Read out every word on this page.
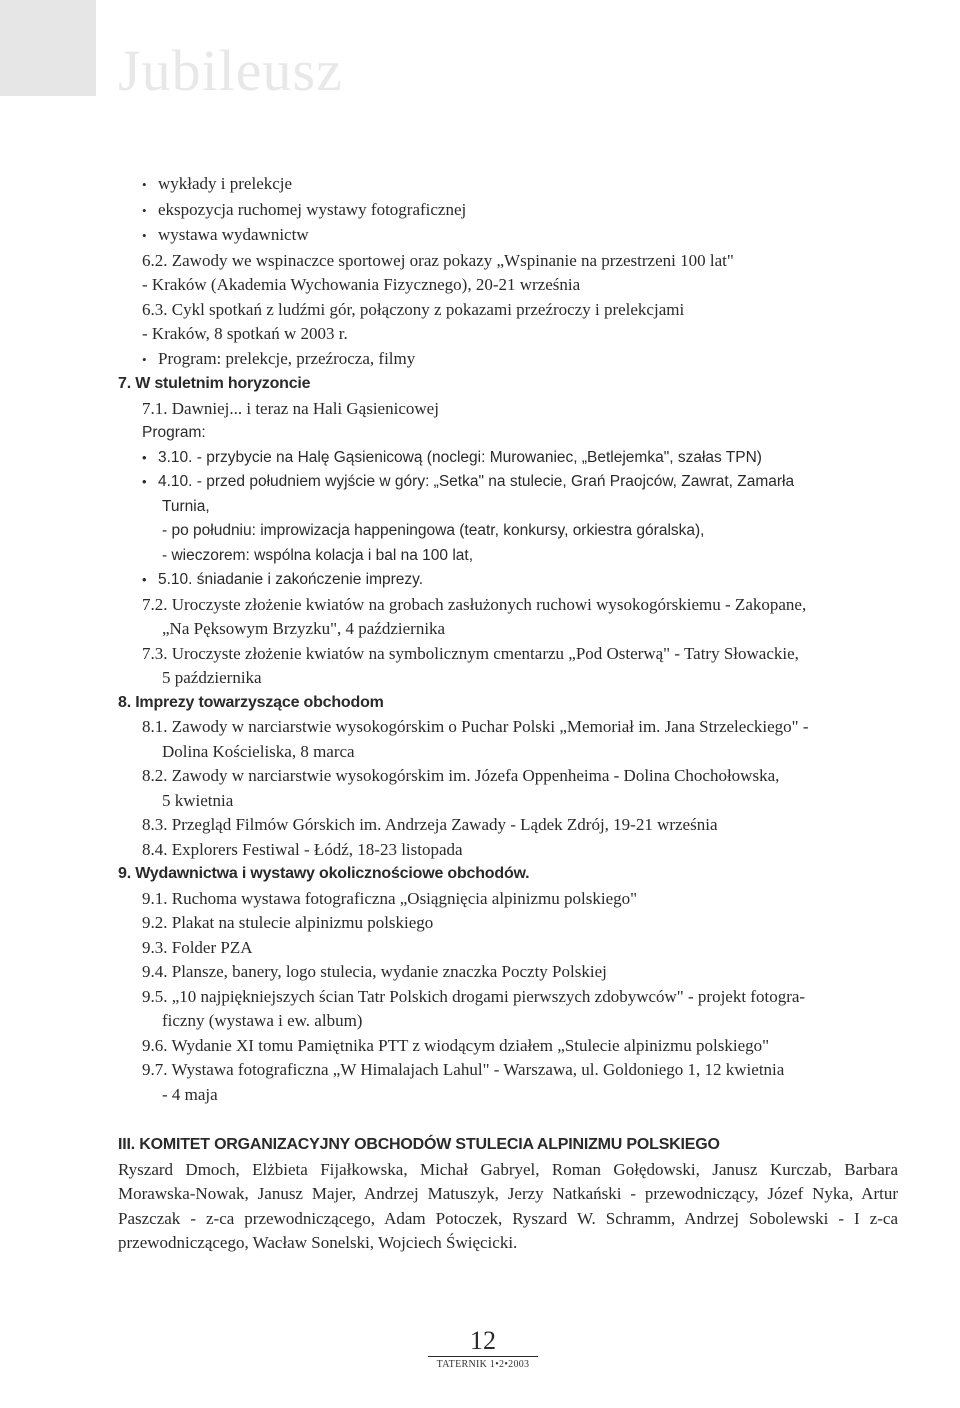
Jubileusz
• wykłady i prelekcje
• ekspozycja ruchomej wystawy fotograficznej
• wystawa wydawnictw
6.2. Zawody we wspinaczce sportowej oraz pokazy „Wspinanie na przestrzeni 100 lat"
- Kraków (Akademia Wychowania Fizycznego), 20-21 września
6.3. Cykl spotkań z ludźmi gór, połączony z pokazami przeźroczy i prelekcjami
- Kraków, 8 spotkań w 2003 r.
• Program: prelekcje, przeźrocza, filmy
7. W stuletnim horyzoncie
7.1. Dawniej... i teraz na Hali Gąsienicowej
Program:
• 3.10. - przybycie na Halę Gąsienicową (noclegi: Murowaniec, „Betlejemka", szałas TPN)
• 4.10. - przed południem wyjście w góry: „Setka" na stulecie, Grań Praojców, Zawrat, Zamarła
Turnia,
- po południu: improwizacja happeningowa (teatr, konkursy, orkiestra góralska),
- wieczorem: wspólna kolacja i bal na 100 lat,
• 5.10. śniadanie i zakończenie imprezy.
7.2. Uroczyste złożenie kwiatów na grobach zasłużonych ruchowi wysokogórskiemu - Zakopane,
„Na Pęksowym Brzyzku", 4 października
7.3. Uroczyste złożenie kwiatów na symbolicznym cmentarzu „Pod Osterwą" - Tatry Słowackie,
5 października
8. Imprezy towarzyszące obchodom
8.1. Zawody w narciarstwie wysokogórskim o Puchar Polski „Memoriał im. Jana Strzeleckiego" -
Dolina Kościeliska, 8 marca
8.2. Zawody w narciarstwie wysokogórskim im. Józefa Oppenheima - Dolina Chochołowska,
5 kwietnia
8.3. Przegląd Filmów Górskich im. Andrzeja Zawady - Lądek Zdrój, 19-21 września
8.4. Explorers Festiwal - Łódź, 18-23 listopada
9. Wydawnictwa i wystawy okolicznościowe obchodów.
9.1. Ruchoma wystawa fotograficzna „Osiągnięcia alpinizmu polskiego"
9.2. Plakat na stulecie alpinizmu polskiego
9.3. Folder PZA
9.4. Plansze, banery, logo stulecia, wydanie znaczka Poczty Polskiej
9.5. „10 najpiękniejszych ścian Tatr Polskich drogami pierwszych zdobywców" - projekt fotogra-
ficzny (wystawa i ew. album)
9.6. Wydanie XI tomu Pamiętnika PTT z wiodącym działem „Stulecie alpinizmu polskiego"
9.7. Wystawa fotograficzna „W Himalajach Lahul" - Warszawa, ul. Goldoniego 1, 12 kwietnia
- 4 maja
III. KOMITET ORGANIZACYJNY OBCHODÓW STULECIA ALPINIZMU POLSKIEGO
Ryszard Dmoch, Elżbieta Fijałkowska, Michał Gabryel, Roman Gołędowski, Janusz Kurczab, Barbara Morawska-Nowak, Janusz Majer, Andrzej Matuszyk, Jerzy Natkański - przewodniczący, Józef Nyka, Artur Paszczak - z-ca przewodniczącego, Adam Potoczek, Ryszard W. Schramm, Andrzej Sobolewski - I z-ca przewodniczącego, Wacław Sonelski, Wojciech Święcicki.
12
TATERNIK 1•2•2003
